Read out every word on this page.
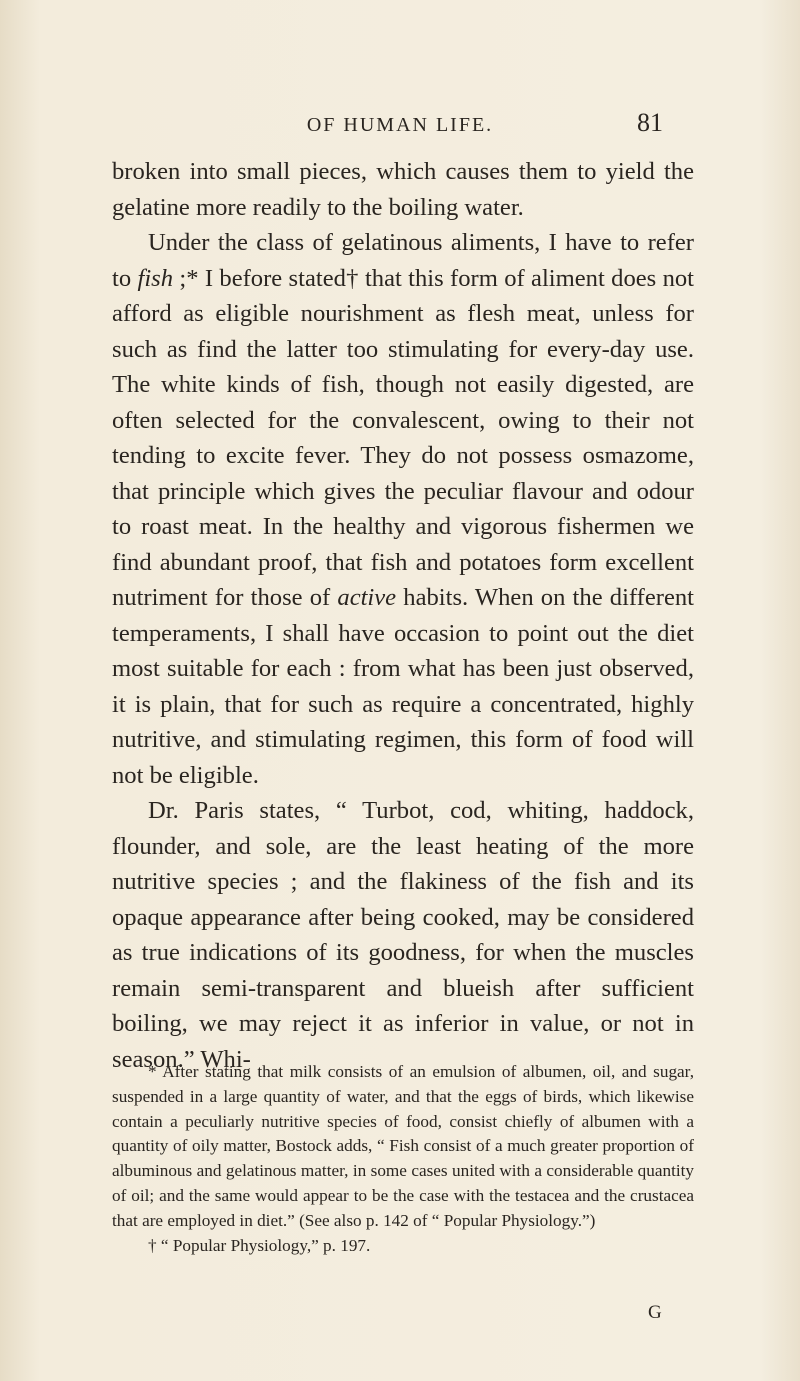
OF HUMAN LIFE.	81

broken into small pieces, which causes them to yield the gelatine more readily to the boiling water.

Under the class of gelatinous aliments, I have to refer to fish ;* I before stated† that this form of aliment does not afford as eligible nourishment as flesh meat, unless for such as find the latter too stimulating for every-day use. The white kinds of fish, though not easily digested, are often selected for the convalescent, owing to their not tending to excite fever. They do not possess osmazome, that principle which gives the peculiar flavour and odour to roast meat. In the healthy and vigorous fishermen we find abundant proof, that fish and potatoes form excellent nutriment for those of active habits. When on the different temperaments, I shall have occasion to point out the diet most suitable for each : from what has been just observed, it is plain, that for such as require a concentrated, highly nutritive, and stimulating regimen, this form of food will not be eligible.

Dr. Paris states, “ Turbot, cod, whiting, haddock, flounder, and sole, are the least heating of the more nutritive species ; and the flakiness of the fish and its opaque appearance after being cooked, may be considered as true indications of its goodness, for when the muscles remain semi-transparent and blueish after sufficient boiling, we may reject it as inferior in value, or not in season.” Whi-

* After stating that milk consists of an emulsion of albumen, oil, and sugar, suspended in a large quantity of water, and that the eggs of birds, which likewise contain a peculiarly nutritive species of food, consist chiefly of albumen with a quantity of oily matter, Bostock adds, “ Fish consist of a much greater proportion of albuminous and gelatinous matter, in some cases united with a considerable quantity of oil; and the same would appear to be the case with the testacea and the crustacea that are employed in diet.” (See also p. 142 of “ Popular Physiology.”)

† “ Popular Physiology,” p. 197.

G
